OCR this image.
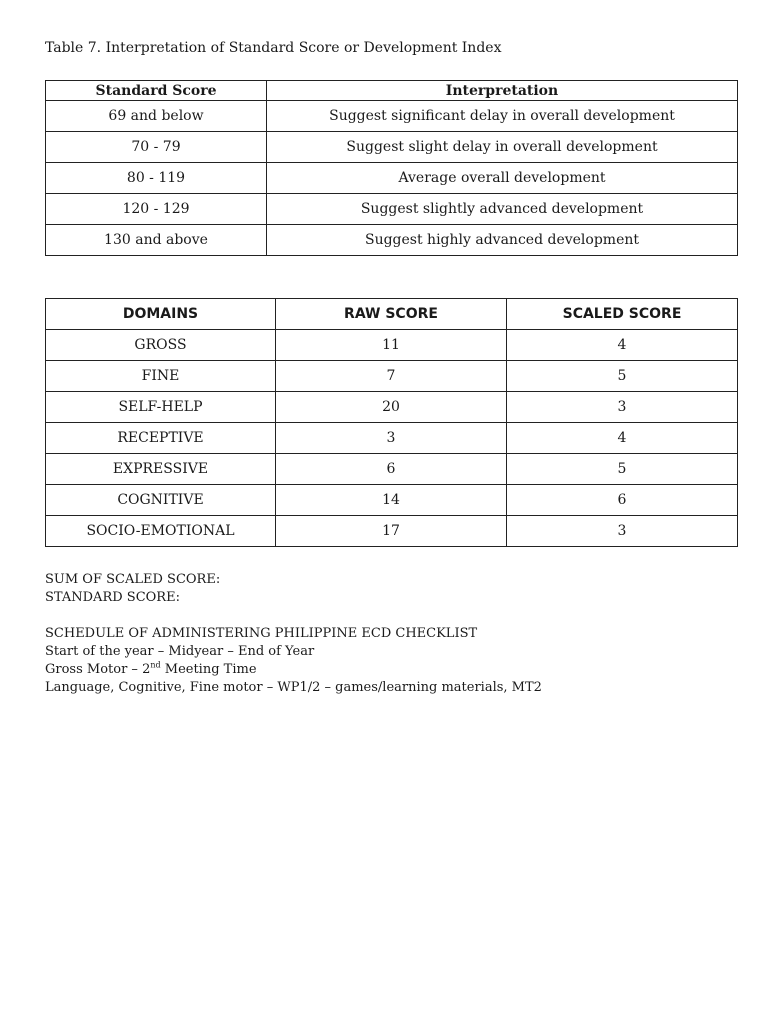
Table 7. Interpretation of Standard Score or Development Index
Standard Score	Interpretation
69 and below	Suggest significant delay in overall development
70 - 79	Suggest slight delay in overall development
80 - 119	Average overall development
120 - 129	Suggest slightly advanced development
130 and above	Suggest highly advanced development
DOMAINS	RAW SCORE	SCALED SCORE
GROSS	11	4
FINE	7	5
SELF-HELP	20	3
RECEPTIVE	3	4
EXPRESSIVE	6	5
COGNITIVE	14	6
SOCIO-EMOTIONAL	17	3
SUM OF SCALED SCORE:
STANDARD SCORE:
SCHEDULE OF ADMINISTERING PHILIPPINE ECD CHECKLIST
Start of the year – Midyear – End of Year
Gross Motor – 2nd Meeting Time
Language, Cognitive, Fine motor – WP1/2 – games/learning materials, MT2
